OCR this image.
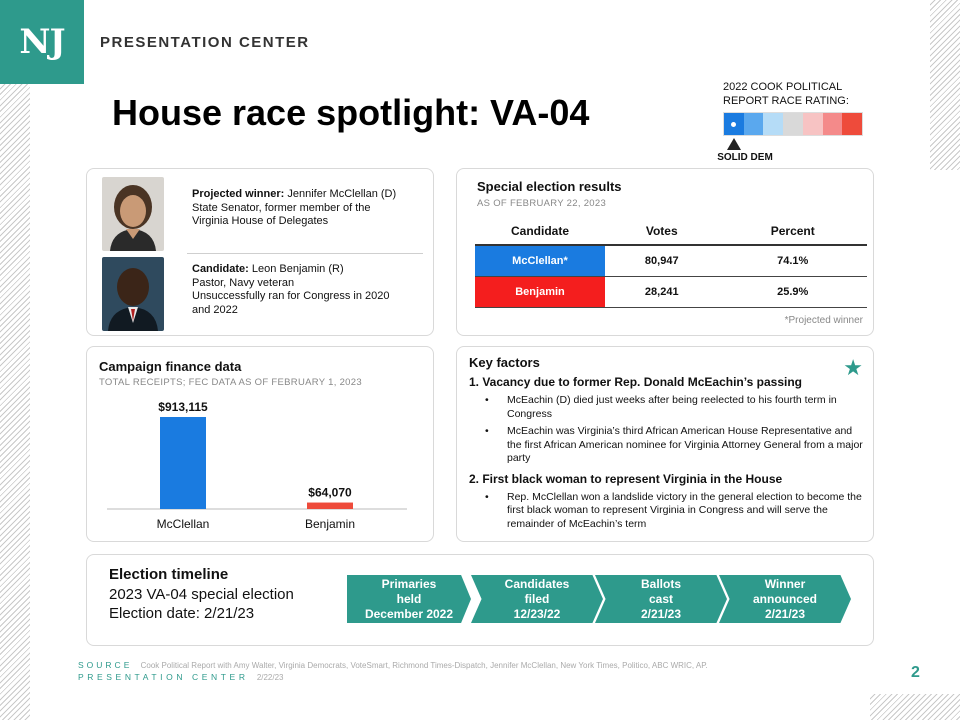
NJ PRESENTATION CENTER
House race spotlight: VA-04
2022 COOK POLITICAL
REPORT RACE RATING:
SOLID DEM
Projected winner: Jennifer McClellan (D)
State Senator, former member of the
Virginia House of Delegates
Candidate: Leon Benjamin (R)
Pastor, Navy veteran
Unsuccessfully ran for Congress in 2020
and 2022
Special election results
AS OF FEBRUARY 22, 2023
Candidate	Votes	Percent
McClellan*	80,947	74.1%
Benjamin	28,241	25.9%
*Projected winner
Campaign finance data
TOTAL RECEIPTS; FEC DATA AS OF FEBRUARY 1, 2023
$913,115
McClellan
$64,070
Benjamin
Key factors	★
1. Vacancy due to former Rep. Donald McEachin’s passing
• McEachin (D) died just weeks after being reelected to his fourth term in Congress
• McEachin was Virginia’s third African American House Representative and the first African American nominee for Virginia Attorney General from a major party
2. First black woman to represent Virginia in the House
• Rep. McClellan won a landslide victory in the general election to become the first black woman to represent Virginia in Congress and will serve the remainder of McEachin’s term
Election timeline
2023 VA-04 special election
Election date: 2/21/23
Primaries
held
December 2022
Candidates
filed
12/23/22
Ballots
cast
2/21/23
Winner
announced
2/21/23
SOURCE Cook Political Report with Amy Walter, Virginia Democrats, VoteSmart, Richmond Times-Dispatch, Jennifer McClellan, New York Times, Politico, ABC WRIC, AP.
PRESENTATION CENTER 2/22/23	2
